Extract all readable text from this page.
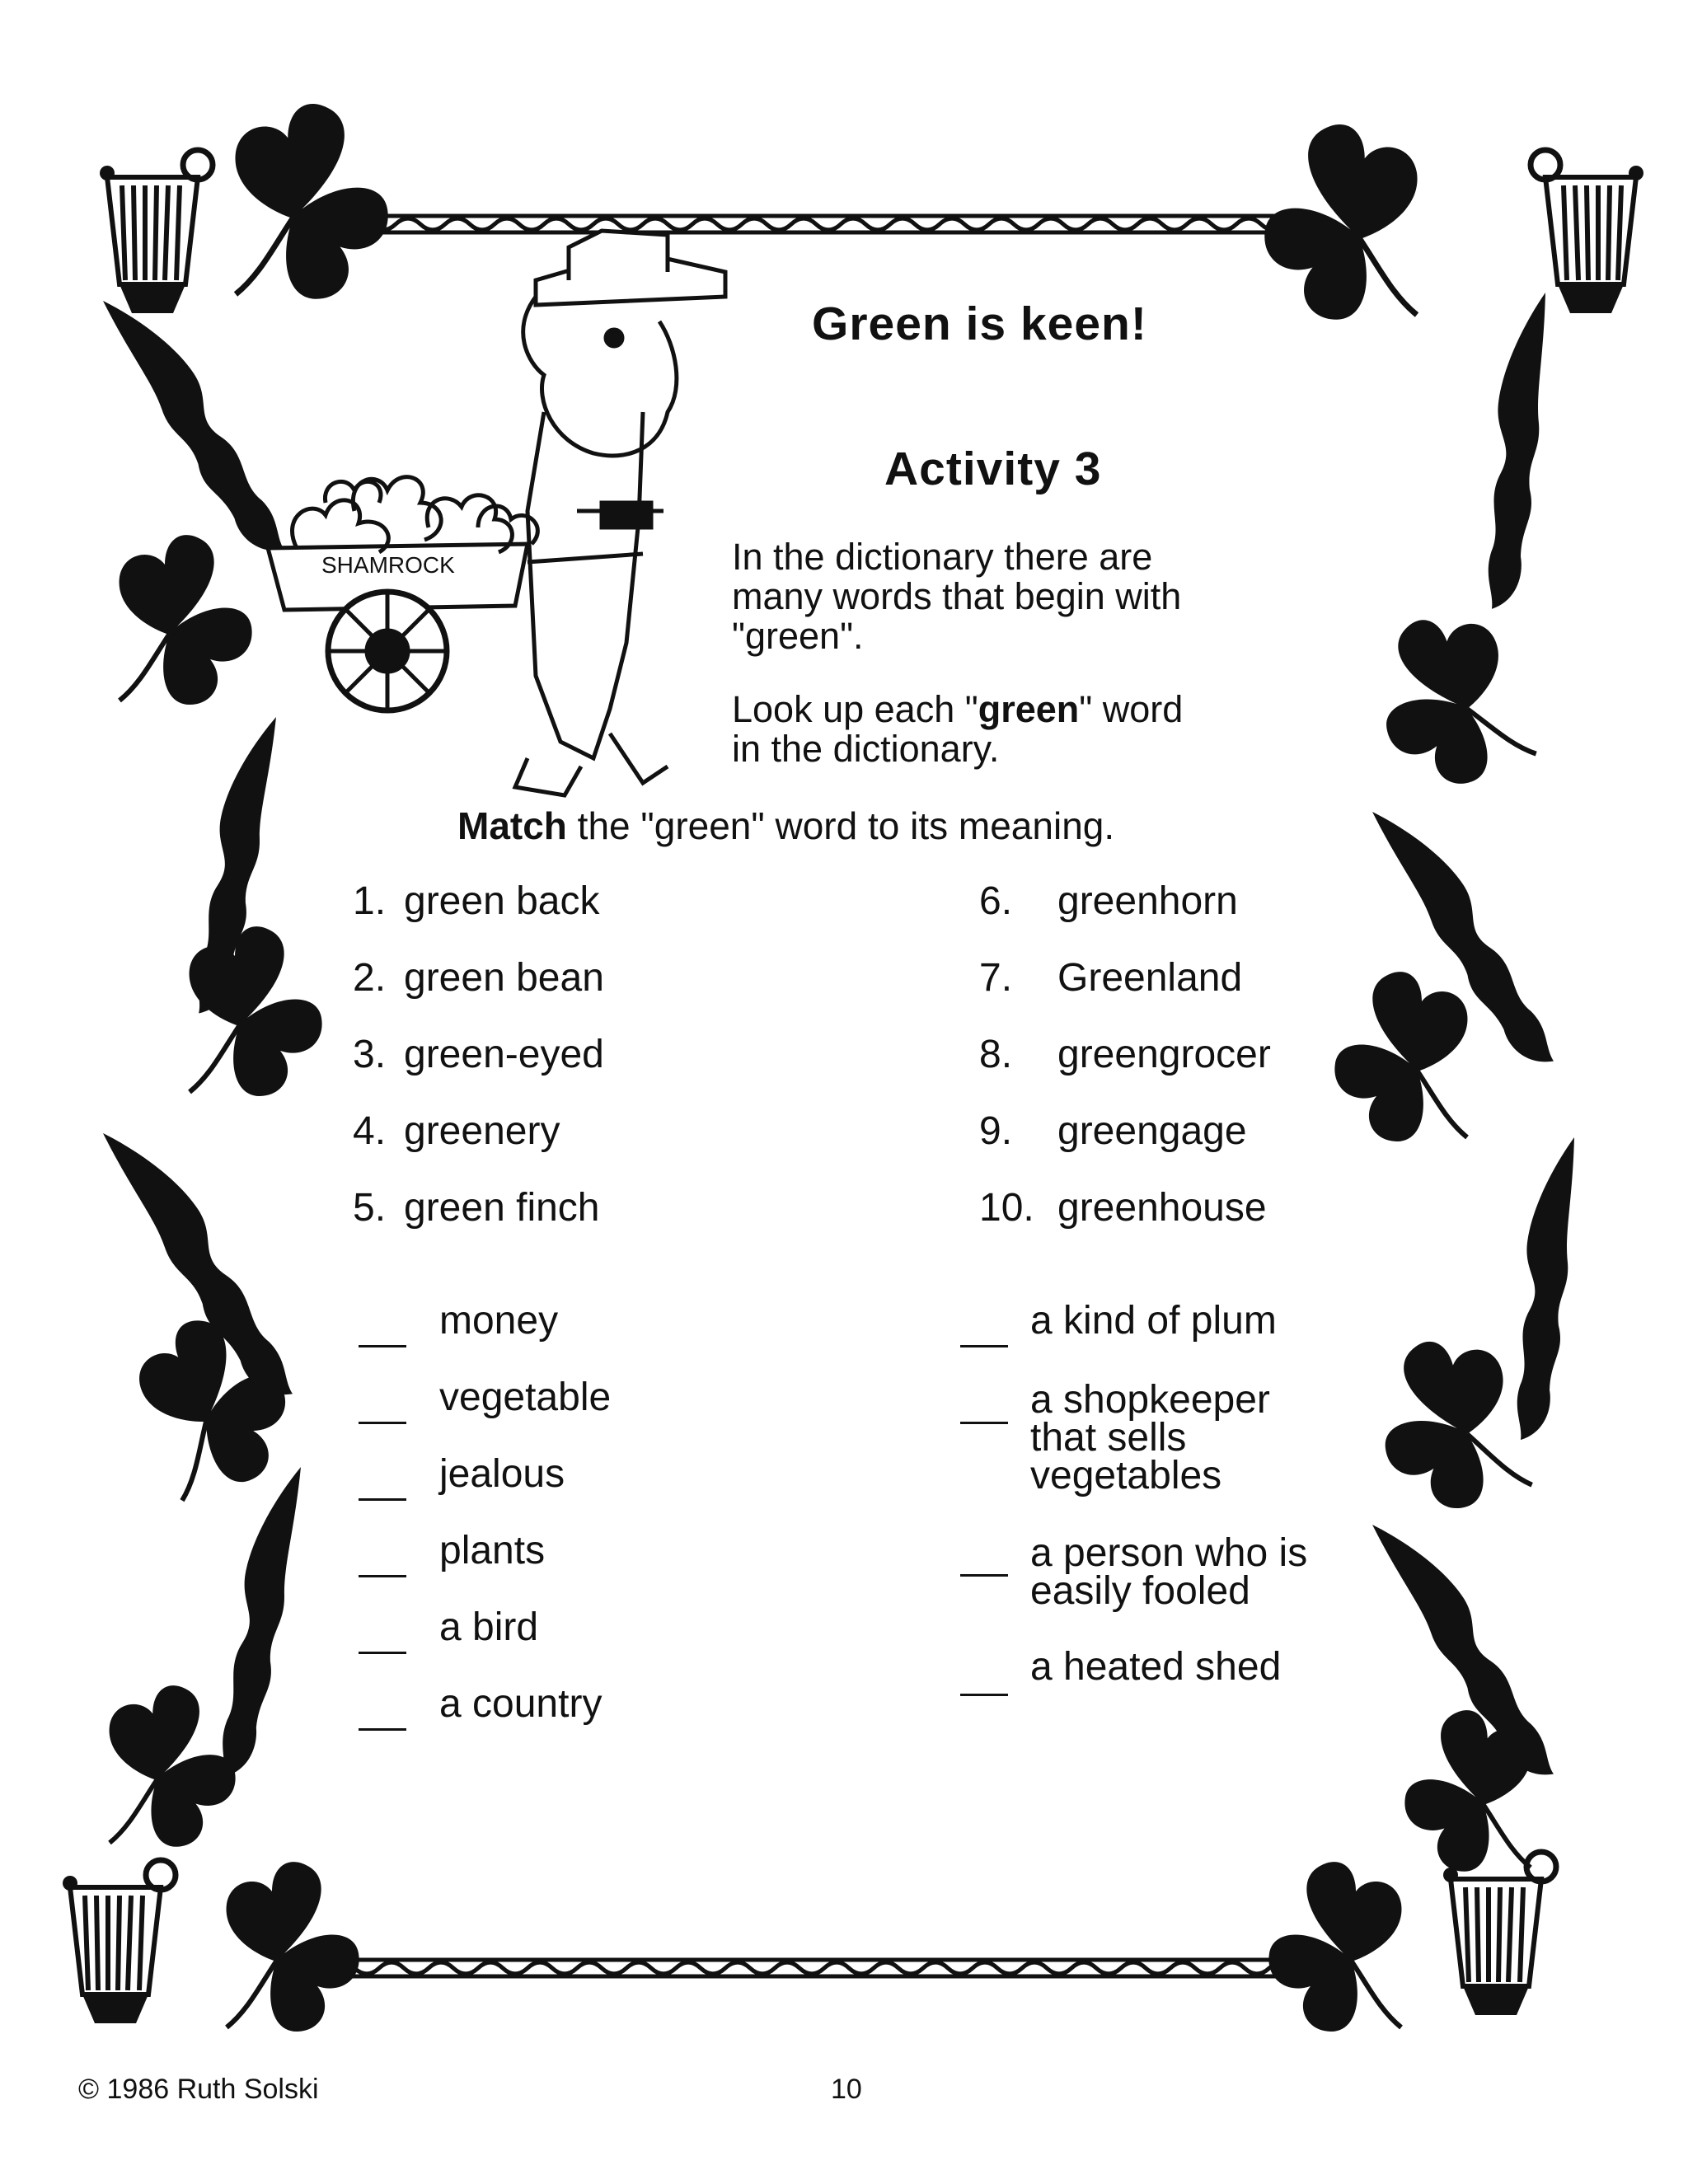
SHAMROCK
Green is keen!
Activity 3
In the dictionary there are
many words that begin with
"green".
Look up each "green" word
in the dictionary.
Match the "green" word to its meaning.
1. green back
2. green bean
3. green-eyed
4. greenery
5. green finch
6. greenhorn
7. Greenland
8. greengrocer
9. greengage
10. greenhouse
money
vegetable
jealous
plants
a bird
a country
a kind of plum
a shopkeeper
that sells
vegetables
a person who is
easily fooled
a heated shed
© 1986 Ruth Solski	10
